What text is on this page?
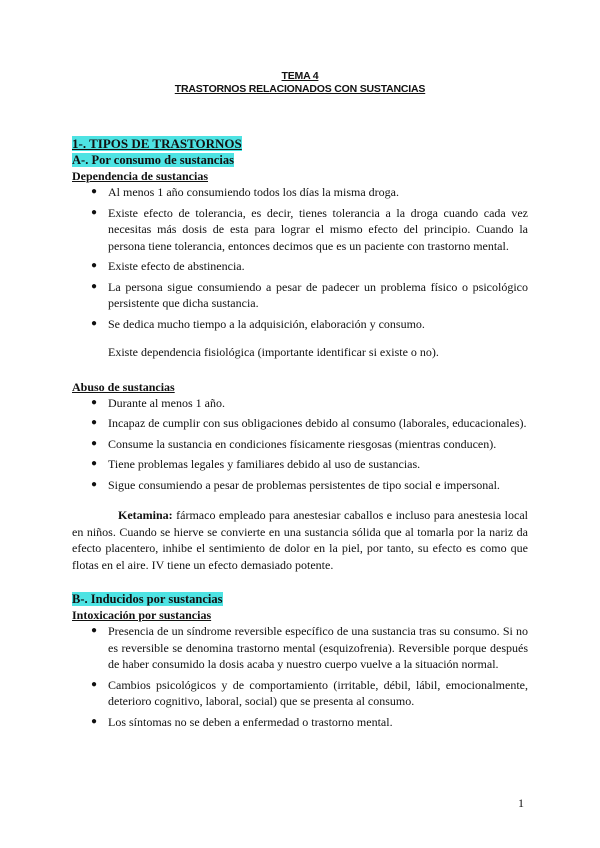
TEMA 4
TRASTORNOS RELACIONADOS CON SUSTANCIAS
1-. TIPOS DE TRASTORNOS
A-. Por consumo de sustancias
Dependencia de sustancias
● Al menos 1 año consumiendo todos los días la misma droga.
● Existe efecto de tolerancia, es decir, tienes tolerancia a la droga cuando cada vez necesitas más dosis de esta para lograr el mismo efecto del principio. Cuando la persona tiene tolerancia, entonces decimos que es un paciente con trastorno mental.
● Existe efecto de abstinencia.
● La persona sigue consumiendo a pesar de padecer un problema físico o psicológico persistente que dicha sustancia.
● Se dedica mucho tiempo a la adquisición, elaboración y consumo.
Existe dependencia fisiológica (importante identificar si existe o no).
Abuso de sustancias
● Durante al menos 1 año.
● Incapaz de cumplir con sus obligaciones debido al consumo (laborales, educacionales).
● Consume la sustancia en condiciones físicamente riesgosas (mientras conducen).
● Tiene problemas legales y familiares debido al uso de sustancias.
● Sigue consumiendo a pesar de problemas persistentes de tipo social e impersonal.
Ketamina: fármaco empleado para anestesiar caballos e incluso para anestesia local en niños. Cuando se hierve se convierte en una sustancia sólida que al tomarla por la nariz da efecto placentero, inhibe el sentimiento de dolor en la piel, por tanto, su efecto es como que flotas en el aire. IV tiene un efecto demasiado potente.
B-. Inducidos por sustancias
Intoxicación por sustancias
● Presencia de un síndrome reversible específico de una sustancia tras su consumo. Si no es reversible se denomina trastorno mental (esquizofrenia). Reversible porque después de haber consumido la dosis acaba y nuestro cuerpo vuelve a la situación normal.
● Cambios psicológicos y de comportamiento (irritable, débil, lábil, emocionalmente, deterioro cognitivo, laboral, social) que se presenta al consumo.
● Los síntomas no se deben a enfermedad o trastorno mental.
1
